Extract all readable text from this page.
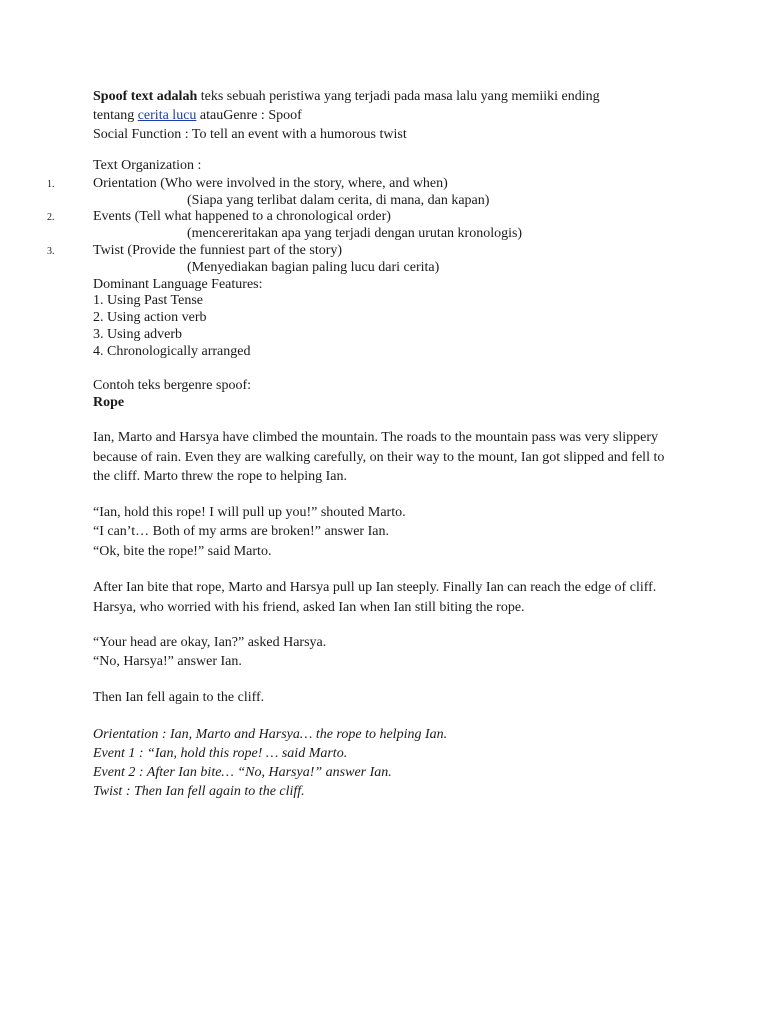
Spoof text adalah teks sebuah peristiwa yang terjadi pada masa lalu yang memiiki ending
tentang cerita lucu atauGenre : Spoof
Social Function : To tell an event with a humorous twist
Text Organization :
1.	Orientation (Who were involved in the story, where, and when)
(Siapa yang terlibat dalam cerita, di mana, dan kapan)
2.	Events (Tell what happened to a chronological order)
(mencereritakan apa yang terjadi dengan urutan kronologis)
3.	Twist (Provide the funniest part of the story)
(Menyediakan bagian paling lucu dari cerita)
Dominant Language Features:
1. Using Past Tense
2. Using action verb
3. Using adverb
4. Chronologically arranged
Contoh teks bergenre spoof:
Rope

Ian, Marto and Harsya have climbed the mountain. The roads to the mountain pass was very slippery because of rain. Even they are walking carefully, on their way to the mount, Ian got slipped and fell to the cliff. Marto threw the rope to helping Ian.

“Ian, hold this rope! I will pull up you!” shouted Marto.
“I can’t… Both of my arms are broken!” answer Ian.
“Ok, bite the rope!” said Marto.

After Ian bite that rope, Marto and Harsya pull up Ian steeply. Finally Ian can reach the edge of cliff. Harsya, who worried with his friend, asked Ian when Ian still biting the rope.

“Your head are okay, Ian?” asked Harsya.
“No, Harsya!” answer Ian.
Then Ian fell again to the cliff.
Orientation : Ian, Marto and Harsya… the rope to helping Ian.
Event 1 : “Ian, hold this rope! … said Marto.
Event 2 : After Ian bite… “No, Harsya!” answer Ian.
Twist : Then Ian fell again to the cliff.
